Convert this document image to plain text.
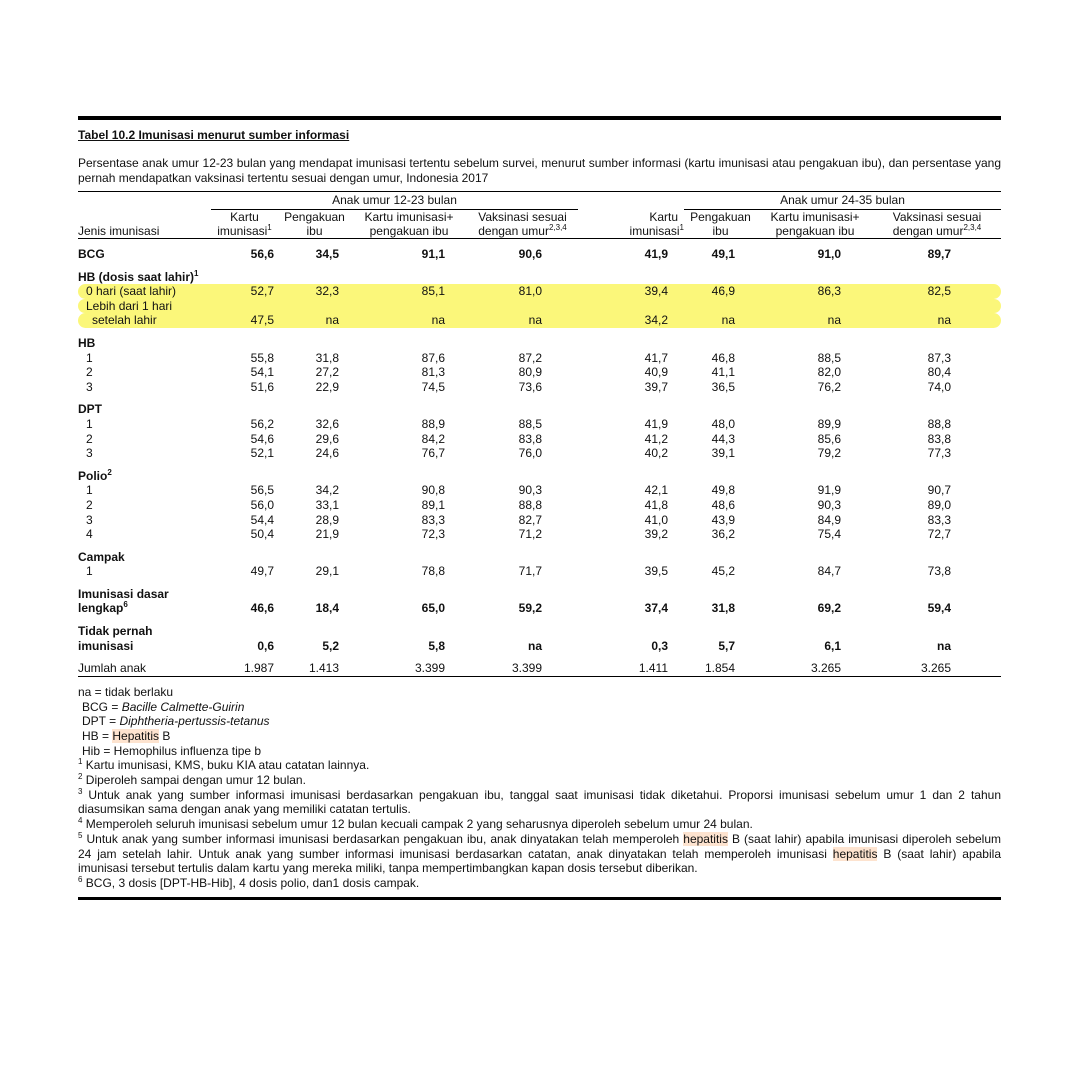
Tabel 10.2 Imunisasi menurut sumber informasi
Persentase anak umur 12-23 bulan yang mendapat imunisasi tertentu sebelum survei, menurut sumber informasi (kartu imunisasi atau pengakuan ibu), dan persentase yang pernah mendapatkan vaksinasi tertentu sesuai dengan umur, Indonesia 2017
	Anak umur 12-23 bulan					Anak umur 24-35 bulan		
	Kartu	Pengakuan	Kartu imunisasi+	Vaksinasi sesuai	Kartu	Pengakuan	Kartu imunisasi+	Vaksinasi sesuai
Jenis imunisasi	imunisasi$^1$	ibu	pengakuan ibu	dengan umur$^{2,3,4}$	imunisasi$^1$	ibu	pengakuan ibu	dengan umur$^{2,3,4}$

BCG	56,6	34,5	91,1	90,6	41,9	49,1	91,0	89,7

HB (dosis saat lahir)$^1$								
0 hari (saat lahir)	52,7	32,3	85,1	81,0	39,4	46,9	86,3	82,5
Lebih dari 1 hari								
setelah lahir	47,5	na	na	na	34,2	na	na	na

HB								
1	55,8	31,8	87,6	87,2	41,7	46,8	88,5	87,3
2	54,1	27,2	81,3	80,9	40,9	41,1	82,0	80,4
3	51,6	22,9	74,5	73,6	39,7	36,5	76,2	74,0

DPT								
1	56,2	32,6	88,9	88,5	41,9	48,0	89,9	88,8
2	54,6	29,6	84,2	83,8	41,2	44,3	85,6	83,8
3	52,1	24,6	76,7	76,0	40,2	39,1	79,2	77,3

Polio$^2$								
1	56,5	34,2	90,8	90,3	42,1	49,8	91,9	90,7
2	56,0	33,1	89,1	88,8	41,8	48,6	90,3	89,0
3	54,4	28,9	83,3	82,7	41,0	43,9	84,9	83,3
4	50,4	21,9	72,3	71,2	39,2	36,2	75,4	72,7

Campak								
1	49,7	29,1	78,8	71,7	39,5	45,2	84,7	73,8

Imunisasi dasar								
lengkap$^6$	46,6	18,4	65,0	59,2	37,4	31,8	69,2	59,4

Tidak pernah								
imunisasi	0,6	5,2	5,8	na	0,3	5,7	6,1	na

Jumlah anak	1.987	1.413	3.399	3.399	1.411	1.854	3.265	3.265
na = tidak berlaku
BCG = Bacille Calmette-Guirin
DPT = Diphtheria-pertussis-tetanus
HB = Hepatitis B
Hib = Hemophilus influenza tipe b
$^1$ Kartu imunisasi, KMS, buku KIA atau catatan lainnya.
$^2$ Diperoleh sampai dengan umur 12 bulan.
$^3$ Untuk anak yang sumber informasi imunisasi berdasarkan pengakuan ibu, tanggal saat imunisasi tidak diketahui. Proporsi imunisasi sebelum umur 1 dan 2 tahun diasumsikan sama dengan anak yang memiliki catatan tertulis.
$^4$ Memperoleh seluruh imunisasi sebelum umur 12 bulan kecuali campak 2 yang seharusnya diperoleh sebelum umur 24 bulan.
$^5$ Untuk anak yang sumber informasi imunisasi berdasarkan pengakuan ibu, anak dinyatakan telah memperoleh hepatitis B (saat lahir) apabila imunisasi diperoleh sebelum 24 jam setelah lahir. Untuk anak yang sumber informasi imunisasi berdasarkan catatan, anak dinyatakan telah memperoleh imunisasi hepatitis B (saat lahir) apabila imunisasi tersebut tertulis dalam kartu yang mereka miliki, tanpa mempertimbangkan kapan dosis tersebut diberikan.
$^6$ BCG, 3 dosis [DPT-HB-Hib], 4 dosis polio, dan1 dosis campak.
